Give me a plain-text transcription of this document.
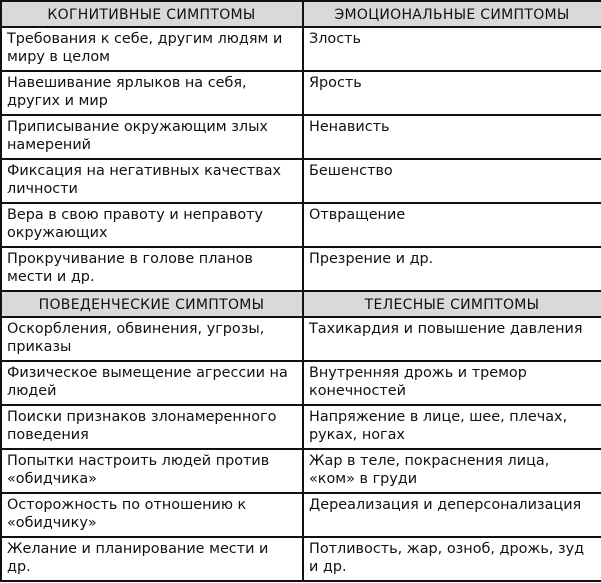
КОГНИТИВНЫЕ СИМПТОМЫ	ЭМОЦИОНАЛЬНЫЕ СИМПТОМЫ
Требования к себе, другим людям и миру в целом	Злость
Навешивание ярлыков на себя, других и мир	Ярость
Приписывание окружающим злых намерений	Ненависть
Фиксация на негативных качествах личности	Бешенство
Вера в свою правоту и неправоту окружающих	Отвращение
Прокручивание в голове планов мести и др.	Презрение и др.
ПОВЕДЕНЧЕСКИЕ СИМПТОМЫ	ТЕЛЕСНЫЕ СИМПТОМЫ
Оскорбления, обвинения, угрозы, приказы	Тахикардия и повышение давления
Физическое вымещение агрессии на людей	Внутренняя дрожь и тремор конечностей
Поиски признаков злонамеренного поведения	Напряжение в лице, шее, плечах, руках, ногах
Попытки настроить людей против «обидчика»	Жар в теле, покраснения лица, «ком» в груди
Осторожность по отношению к «обидчику»	Дереализация и деперсонализация
Желание и планирование мести и др.	Потливость, жар, озноб, дрожь, зуд и др.
